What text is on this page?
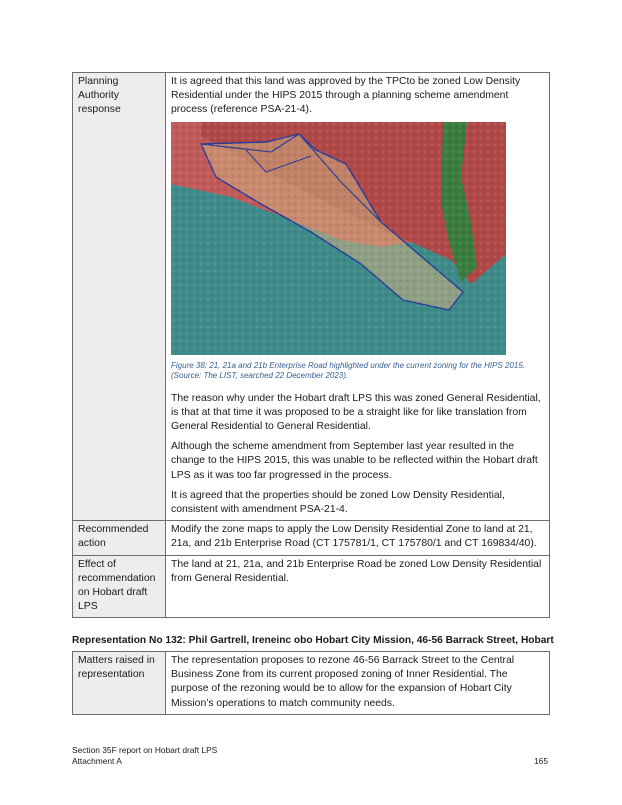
Planning Authority response	It is agreed that this land was approved by the TPCto be zoned Low Density Residential under the HIPS 2015 through a planning scheme amendment process (reference PSA-21-4).

Figure 38: 21, 21a and 21b Enterprise Road highlighted under the current zoning for the HIPS 2015. (Source: The LIST, searched 22 December 2023).

The reason why under the Hobart draft LPS this was zoned General Residential, is that at that time it was proposed to be a straight like for like translation from General Residential to General Residential.

Although the scheme amendment from September last year resulted in the change to the HIPS 2015, this was unable to be reflected within the Hobart draft LPS as it was too far progressed in the process.

It is agreed that the properties should be zoned Low Density Residential, consistent with amendment PSA-21-4.

Recommended action	Modify the zone maps to apply the Low Density Residential Zone to land at 21, 21a, and 21b Enterprise Road (CT 175781/1, CT 175780/1 and CT 169834/40).
Effect of recommendation on Hobart draft LPS	The land at 21, 21a, and 21b Enterprise Road be zoned Low Density Residential from General Residential.
Representation No 132: Phil Gartrell, Ireneinc obo Hobart City Mission, 46-56 Barrack Street, Hobart
Matters raised in representation	The representation proposes to rezone 46-56 Barrack Street to the Central Business Zone from its current proposed zoning of Inner Residential. The purpose of the rezoning would be to allow for the expansion of Hobart City Mission’s operations to match community needs.
Section 35F report on Hobart draft LPS
Attachment A	165
